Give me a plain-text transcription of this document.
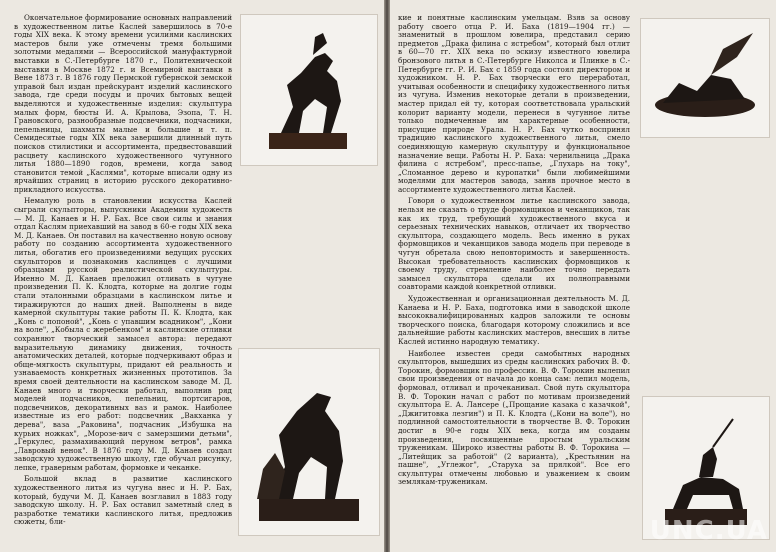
Окончательное формирование основных направлений в художественном литье Каслей завершилось в 70-е годы XIX века. К этому времени усилиями каслинских мастеров были уже отмечены тремя большими золотыми медалями — Всероссийской мануфактурной выставки в С.-Петербурге 1870 г., Политехнической выставки в Москве 1872 г. и Всемирной выставки в Вене 1873 г. В 1876 году Пермской губернской земской управой был издан прейскурант изделий каслинского завода, где среди посуды и прочих бытовых вещей выделяются и художественные изделия: скульптура малых форм, бюсты И. А. Крылова, Эзопа, Т. Н. Грановского, разнообразные подсвечники, подчасники, пепельницы, шахматы малые и большие и т. п. Семидесятые годы XIX века завершили длинный путь поисков стилистики и ассортимента, предвестовавший расцвету каслинского художественного чугунного литья 1880—1890 годов, времени, когда завод становится темой „Каслями", которые вписали одну из ярчайших страниц в историю русского декоративно-прикладного искусства.

Немалую роль в становлении искусства Каслей сыграли скульпторы, выпускники Академии художеств — М. Д. Канаев и Н. Р. Бах. Все свои силы и знания отдал Каслям приехавший на завод в 60-е годы XIX века М. Д. Канаев. Он поставил на качественно новую основу работу по созданию ассортимента художественного литья, обогатив его произведениями ведущих русских скульпторов и познакомив каслинцев с лучшими образцами русской реалистической скульптуры. Именно М. Д. Канаев преложил отливать в чугуне произведения П. К. Клодта, которые на долгие годы стали эталонными образцами в каслинском литье и тиражируются до наших дней. Выполнены в виде камерной скульптуры такие работы П. К. Клодта, как „Конь с попоной", „Конь с упавшим всадником", „Кони на воле", „Кобыла с жеребенком" и каслинские отливки сохраняют творческий замысел автора: передают выразительную динамику движения, точность анатомических деталей, которые подчеркивают образ и обще-мягкость скульптуры, придают ей реальность и узнаваемость конкретных жизненных прототипов. За время своей деятельности на каслинском заводе М. Д. Канаев много и творчески работал, выполнив ряд моделей подчасников, пепельниц, портсигаров, подсвечников, декоративных ваз и рамок. Наиболее известные из его работ: подсвечник „Вакханка у дерева", ваза „Раковина", подчасник „Избушка на курьих ножках", „Морозе-вич с замерзшими детьми", „Геркулес, размахивающий перуном ветров", рамка „Лавровый венок". В 1876 году М. Д. Канаев создал заводскую художественную школу, где обучал рисунку, лепке, граверным работам, формовке и чеканке.

Большой вклад в развитие каслинского художественного литья из чугуна внес и Н. Р. Бах, который, будучи М. Д. Канаев возглавил в 1883 году заводскую школу. Н. Р. Бах оставил заметный след в разработке тематики каслинского литья, предложив сюжеты, бли-

кие и понятные каслинским умельцам. Взяв за основу работу своего отца Р. И. Баха (1819—1904 гг.) — знаменитый в прошлом ювелира, представил серию предметов „Драка филина с ястребом", который был отлит в 60—70 гг. XIX века по эскизу известного ювелира бронзового литья в С.-Петербурге Николса и Плинке в С.-Петербурге гг. Р. И. Бах с 1859 года состоял директором и художником. Н. Р. Бах творчески его переработал, учитывая особенности и специфику художественного литья из чугуна. Изменив некоторые детали в произведении, мастер придал ей ту, которая соответствовала уральский колорит варианту модели, перенеся в чугунное литье только подмеченные им характерные особенности, присущие природе Урала. Н. Р. Бах чутко воспринял традицию каслинского художественного литья, смело соединяющую камерную скульптуру и функциональное назначение вещи. Работы Н. Р. Баха: чернильница „Драка филина с ястребом", пресс-папье, „Глухарь на току", „Сломанное дерево и куропатки" были любимейшими моделями для мастеров завода, заняв прочное место в ассортименте художественного литья Каслей.

Говоря о художественном литье каслинского завода, нельзя не сказать о труде формовщиков и чеканщиков, так как их труд, требующий художественного вкуса и серьезных технических навыков, отличает их творчество скульптора, создающего модель. Весь именно в руках формовщиков и чеканщиков завода модель при переводе в чугун обретала свою неповторимость и завершенность. Высокая требовательность каслинских формовщиков к своему труду, стремление наиболее точно передать замысел скульптора сделали их полноправными соавторами каждой конкретной отливки.

Художественная и организационная деятельность М. Д. Канаева и Н. Р. Баха, подготовка ими в заводской школе высококвалифицированных кадров заложили те основы творческого поиска, благодаря которому сложились и все дальнейшие работы каслинских мастеров, внесших в литье Каслей истинно народную тематику.

Наиболее известен среди самобытных народных скульпторов, вышедших из среды каслинских рабочих В. Ф. Торокин, формовщик по профессии. В. Ф. Торокин вылепил свои произведения от начала до конца сам: лепил модель, формовал, отливал и прочеканивал. Свой путь скульптора В. Ф. Торокин начал с работ по мотивам произведений скульптора Е. А. Лансере („Прощание казака с казачкой", „Джигитовка лезгин") и П. К. Клодта („Кони на воле"), но подлинной самостоятельности в творчестве В. Ф. Торокин достиг в 90-е годы XIX века, когда им созданы произведения, посвященные простым уральским труженикам. Широко известны работы В. Ф. Торокина — „Литейщик за работой" (2 варианта), „Крестьянин на пашне", „Углежог", „Старуха за прялкой". Все его скульптуры отмечены любовью и уважением к своим землякам-труженикам.

UNC.UA
